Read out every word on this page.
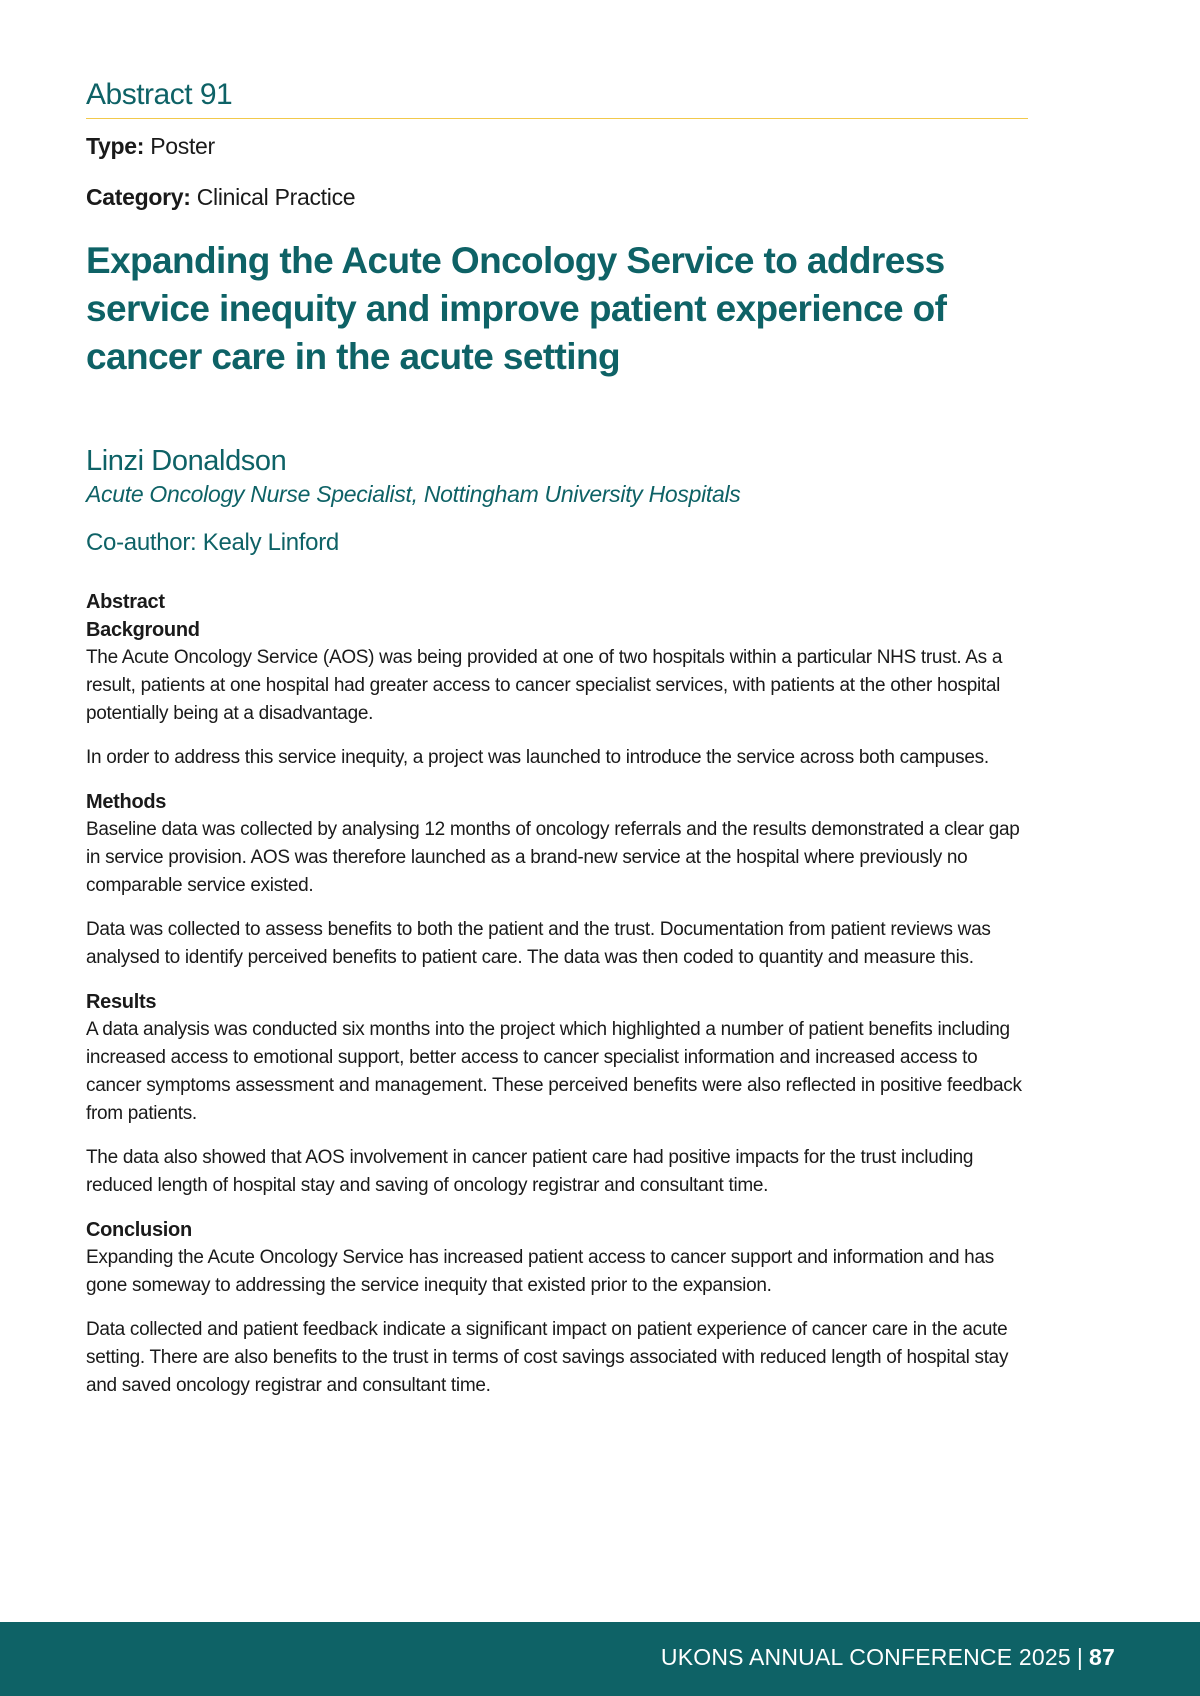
Abstract 91
Type: Poster
Category: Clinical Practice
Expanding the Acute Oncology Service to address service inequity and improve patient experience of cancer care in the acute setting
Linzi Donaldson
Acute Oncology Nurse Specialist, Nottingham University Hospitals
Co-author: Kealy Linford
Abstract
Background

The Acute Oncology Service (AOS) was being provided at one of two hospitals within a particular NHS trust. As a result, patients at one hospital had greater access to cancer specialist services, with patients at the other hospital potentially being at a disadvantage.

In order to address this service inequity, a project was launched to introduce the service across both campuses.

Methods

Baseline data was collected by analysing 12 months of oncology referrals and the results demonstrated a clear gap in service provision. AOS was therefore launched as a brand-new service at the hospital where previously no comparable service existed.

Data was collected to assess benefits to both the patient and the trust. Documentation from patient reviews was analysed to identify perceived benefits to patient care. The data was then coded to quantity and measure this.

Results

A data analysis was conducted six months into the project which highlighted a number of patient benefits including increased access to emotional support, better access to cancer specialist information and increased access to cancer symptoms assessment and management. These perceived benefits were also reflected in positive feedback from patients.

The data also showed that AOS involvement in cancer patient care had positive impacts for the trust including reduced length of hospital stay and saving of oncology registrar and consultant time.

Conclusion

Expanding the Acute Oncology Service has increased patient access to cancer support and information and has gone someway to addressing the service inequity that existed prior to the expansion.

Data collected and patient feedback indicate a significant impact on patient experience of cancer care in the acute setting. There are also benefits to the trust in terms of cost savings associated with reduced length of hospital stay and saved oncology registrar and consultant time.

UKONS ANNUAL CONFERENCE 2025 | 87
